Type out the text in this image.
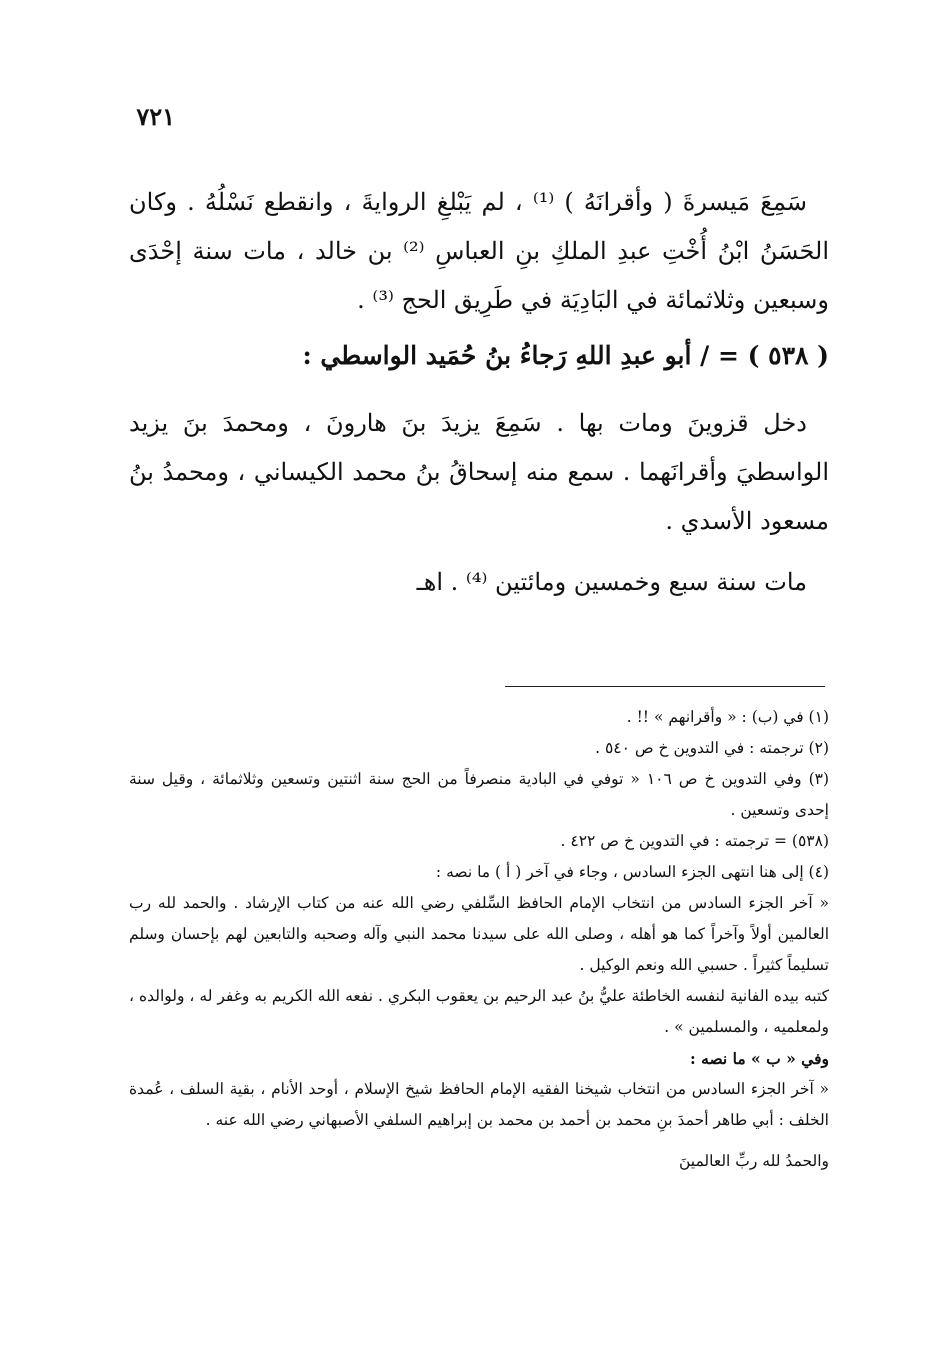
٧٢١

سَمِعَ مَيسرةَ ( وأقرانَهُ ) ⁽¹⁾ ، لم يَبْلغِ الروايةَ ، وانقطع نَسْلُهُ . وكان الحَسَنُ ابْنُ أُخْتِ عبدِ الملكِ بنِ العباسِ ⁽²⁾ بن خالد ، مات سنة إحْدَى وسبعين وثلاثمائة في البَادِيَة في طَرِيق الحج ⁽³⁾ .

( ٥٣٨ ) = / أبو عبدِ اللهِ رَجاءُ بنُ حُمَيد الواسطي :

دخل قزوينَ ومات بها . سَمِعَ يزيدَ بنَ هارونَ ، ومحمدَ بنَ يزيد الواسطيَ وأقرانَهما . سمع منه إسحاقُ بنُ محمد الكيساني ، ومحمدُ بنُ مسعود الأسدي .

مات سنة سبع وخمسين ومائتين ⁽⁴⁾ . اهـ

(١) في (ب) : « وأقرانهم » !! .

(٢) ترجمته : في التدوين خ ص ٥٤٠ .

(٣) وفي التدوين خ ص ١٠٦ « توفي في البادية منصرفاً من الحج سنة اثنتين وتسعين وثلاثمائة ، وقيل سنة إحدى وتسعين .

(٥٣٨) = ترجمته : في التدوين خ ص ٤٢٢ .

(٤) إلى هنا انتهى الجزء السادس ، وجاء في آخر ( أ ) ما نصه :

« آخر الجزء السادس من انتخاب الإمام الحافظ السِّلفي رضي الله عنه من كتاب الإرشاد . والحمد لله رب العالمين أولاً وآخراً كما هو أهله ، وصلى الله على سيدنا محمد النبي وآله وصحبه والتابعين لهم بإحسان وسلم تسليماً كثيراً . حسبي الله ونعم الوكيل .

كتبه بيده الفانية لنفسه الخاطئة عليُّ بنُ عبد الرحيم بن يعقوب البكري . نفعه الله الكريم به وغفر له ، ولوالده ، ولمعلميه ، والمسلمين » .

وفي « ب » ما نصه :

« آخر الجزء السادس من انتخاب شيخنا الفقيه الإمام الحافظ شيخ الإسلام ، أوحد الأنام ، بقية السلف ، عُمدة الخلف : أبي طاهر أحمدَ بنِ محمد بن أحمد بن محمد بن إبراهيم السلفي الأصبهاني رضي الله عنه .

والحمدُ لله ربِّ العالمينَ
